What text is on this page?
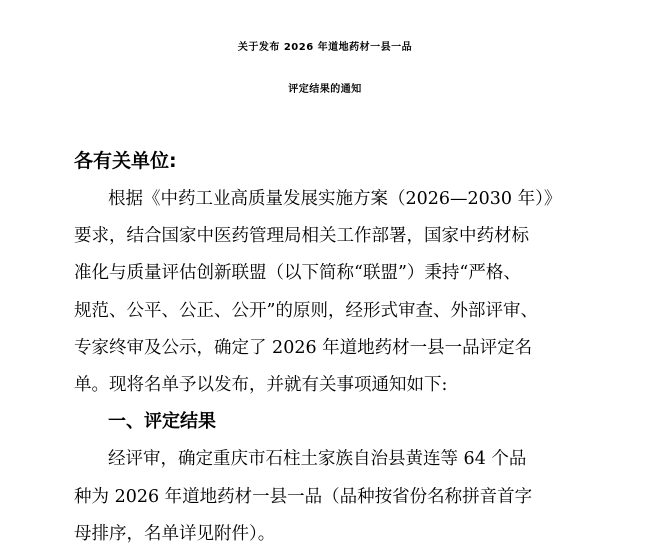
关于发布 2026 年道地药材一县一品
评定结果的通知
各有关单位:
根据《中药工业高质量发展实施方案（2026—2030 年）》
要求，结合国家中医药管理局相关工作部署，国家中药材标
准化与质量评估创新联盟（以下简称“联盟”）秉持“严格、
规范、公平、公正、公开”的原则，经形式审查、外部评审、
专家终审及公示，确定了 2026 年道地药材一县一品评定名
单。现将名单予以发布，并就有关事项通知如下:
一、评定结果
经评审，确定重庆市石柱土家族自治县黄连等 64 个品
种为 2026 年道地药材一县一品（品种按省份名称拼音首字
母排序，名单详见附件）。
